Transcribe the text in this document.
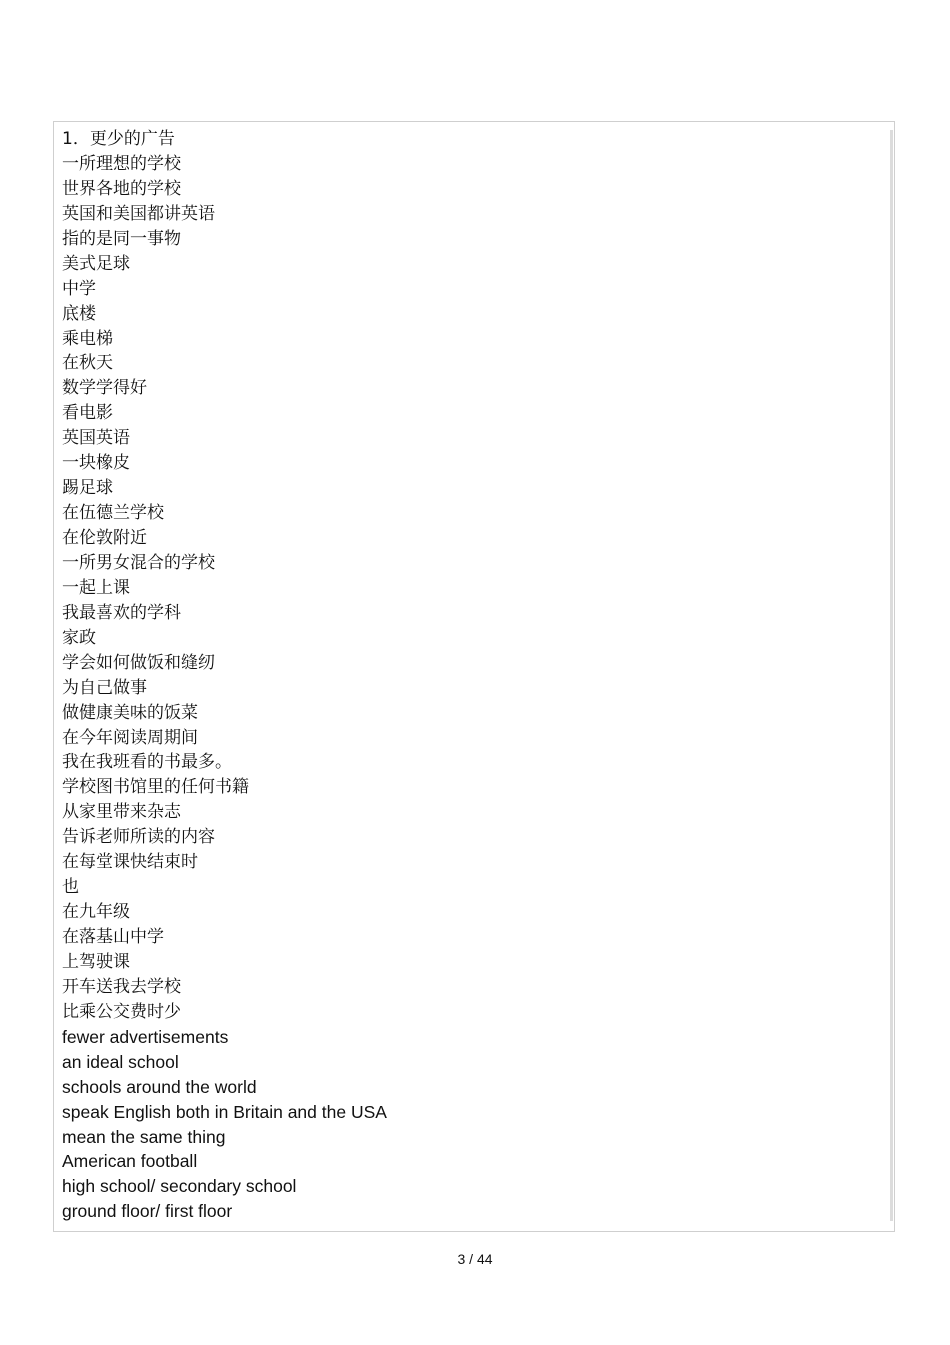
1．更少的广告
一所理想的学校
世界各地的学校
英国和美国都讲英语
指的是同一事物
美式足球
中学
底楼
乘电梯
在秋天
数学学得好
看电影
英国英语
一块橡皮
踢足球
在伍德兰学校
在伦敦附近
一所男女混合的学校
一起上课
我最喜欢的学科
家政
学会如何做饭和缝纫
为自己做事
做健康美味的饭菜
在今年阅读周期间
我在我班看的书最多。
学校图书馆里的任何书籍
从家里带来杂志
告诉老师所读的内容
在每堂课快结束时
也
在九年级
在落基山中学
上驾驶课
开车送我去学校
比乘公交费时少
fewer advertisements
an ideal school
schools around the world
speak English both in Britain and the USA
mean the same thing
American football
high school/ secondary school
ground floor/ first floor
3 / 44
